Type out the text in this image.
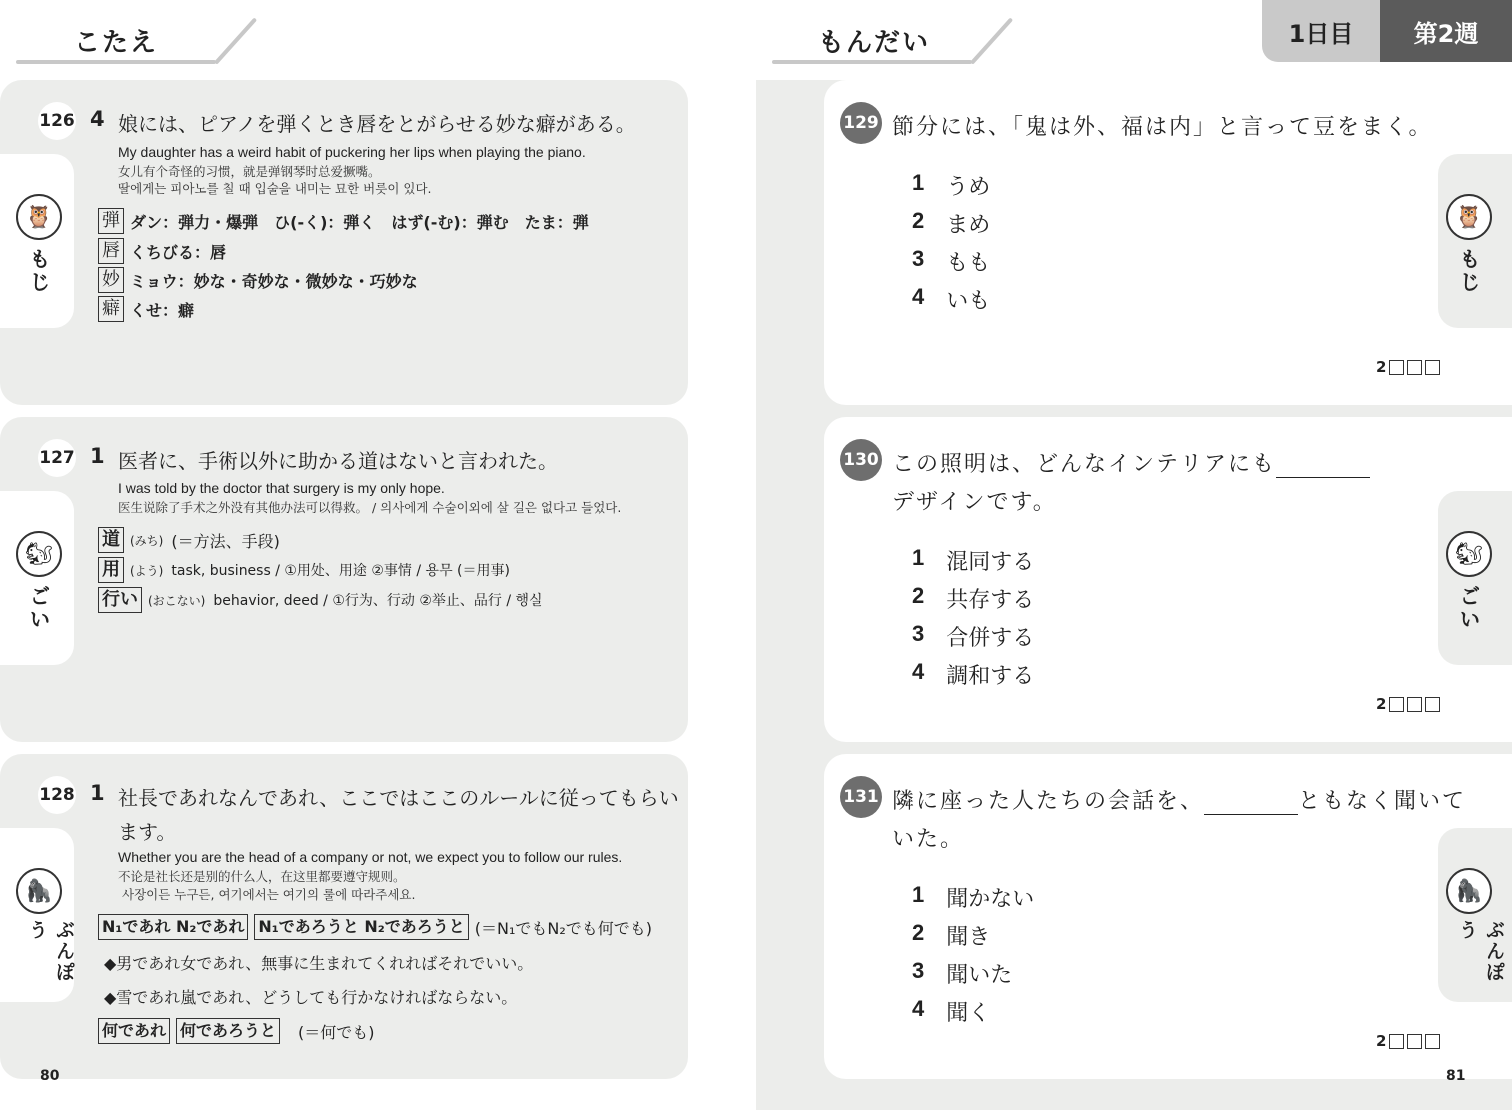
こたえ
126 4 娘には、ピアノを弾くとき唇をとがらせる妙な癖がある。
My daughter has a weird habit of puckering her lips when playing the piano.
女儿有个奇怪的习惯，就是弹钢琴时总爱撅嘴。
딸에게는 피아노를 칠 때 입술을 내미는 묘한 버릇이 있다.
弾 ダン：弾力・爆弾　ひ(-く)：弾く　はず(-む)：弾む　たま：弾
唇 くちびる：唇
妙 ミョウ：妙な・奇妙な・微妙な・巧妙な
癖 くせ：癖
🦉
もじ
127 1 医者に、手術以外に助かる道はないと言われた。
I was told by the doctor that surgery is my only hope.
医生说除了手术之外没有其他办法可以得救。 / 의사에게 수술이외에 살 길은 없다고 들었다.
道 (みち) (＝方法、手段)
用 (よう) task, business / ①用处、用途 ②事情 / 용무 (＝用事)
行い (おこない) behavior, deed / ①行为、行动 ②举止、品行 / 행실
🐿
ごい
128 1 社長であれなんであれ、ここではここのルールに従ってもらい
ます。
Whether you are the head of a company or not, we expect you to follow our rules.
不论是社长还是别的什么人，在这里都要遵守规则。
사장이든 누구든, 여기에서는 여기의 룰에 따라주세요.
N₁であれ N₂であれ N₁であろうと N₂であろうと (＝N₁でもN₂でも何でも)
◆男であれ女であれ、無事に生まれてくれればそれでいい。
◆雪であれ嵐であれ、どうしても行かなければならない。
何であれ 何であろうと (＝何でも)
🦍
ぶんぽう
80
もんだい	1日目	第2週
129 節分には、「鬼は外、福は内」と言って豆をまく。
1 うめ
2 まめ
3 もも
4 いも
2
🦉
もじ
130 この照明は、どんなインテリアにも
デザインです。
1 混同する
2 共存する
3 合併する
4 調和する
2
🐿
ごい
131 隣に座った人たちの会話を、	ともなく聞いて
いた。
1 聞かない
2 聞き
3 聞いた
4 聞く
2
🦍
ぶんぽう
81
